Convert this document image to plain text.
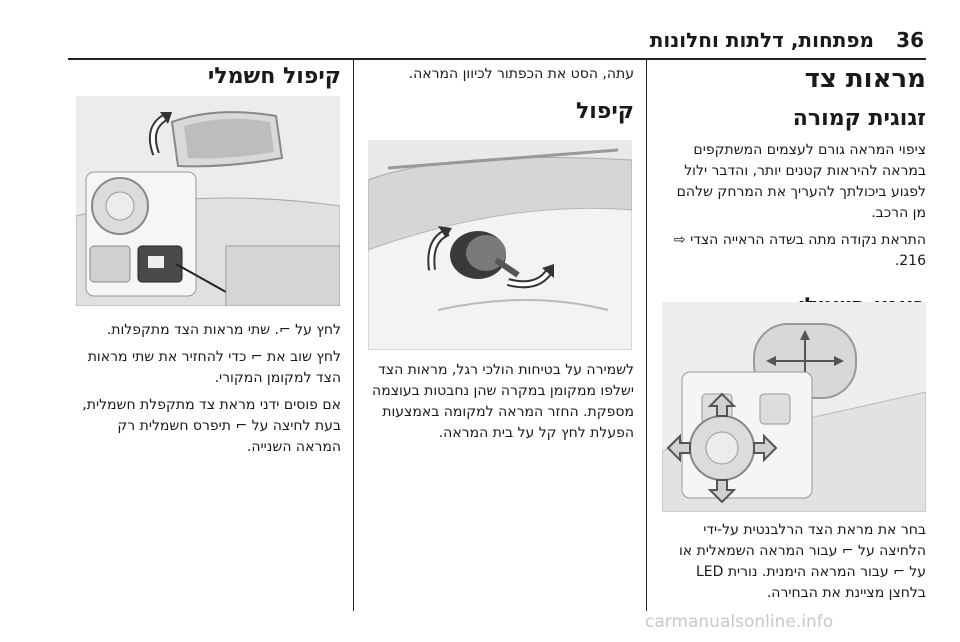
36
מפתחות, דלתות וחלונות
מראות צד
זגוגית קמורה

ציפוי המראה גורם לעצמים המשתקפים במראה להיראות קטנים יותר, והדבר ילול לפגוע ביכולתך להעריך את המרחק שלהם מן הרכב.

התראת נקודה מתה בשדה הראייה הצדי ⇨ 216.

בחר את מראת הצד הרלבנטית על-ידי הלחיצה על ⌐ עבור המראה השמאלית או על ⌐ עבור המראה הימנית. נורית LED בלחצן מציינת את הבחירה.

עתה, הסט את הכפתור לכיוון המראה.

קיפול

לשמירה על בטיחות הולכי רגל, מראות הצד ישלפו ממקומן במקרה שהן נחבטות בעוצמה מספקת. החזר המראה למקומה באמצעות הפעלת לחץ קל על בית המראה.

קיפול חשמלי

לחץ על ⌐. שתי מראות הצד מתקפלות.

לחץ שוב את ⌐ כדי להחזיר את שתי מראות הצד למקומן המקורי.

אם פוסים ידני מראת צד מתקפלת חשמלית, בעת לחיצה על ⌐ תיפרס חשמלית רק המראה השנייה.

carmanualsonline.info
